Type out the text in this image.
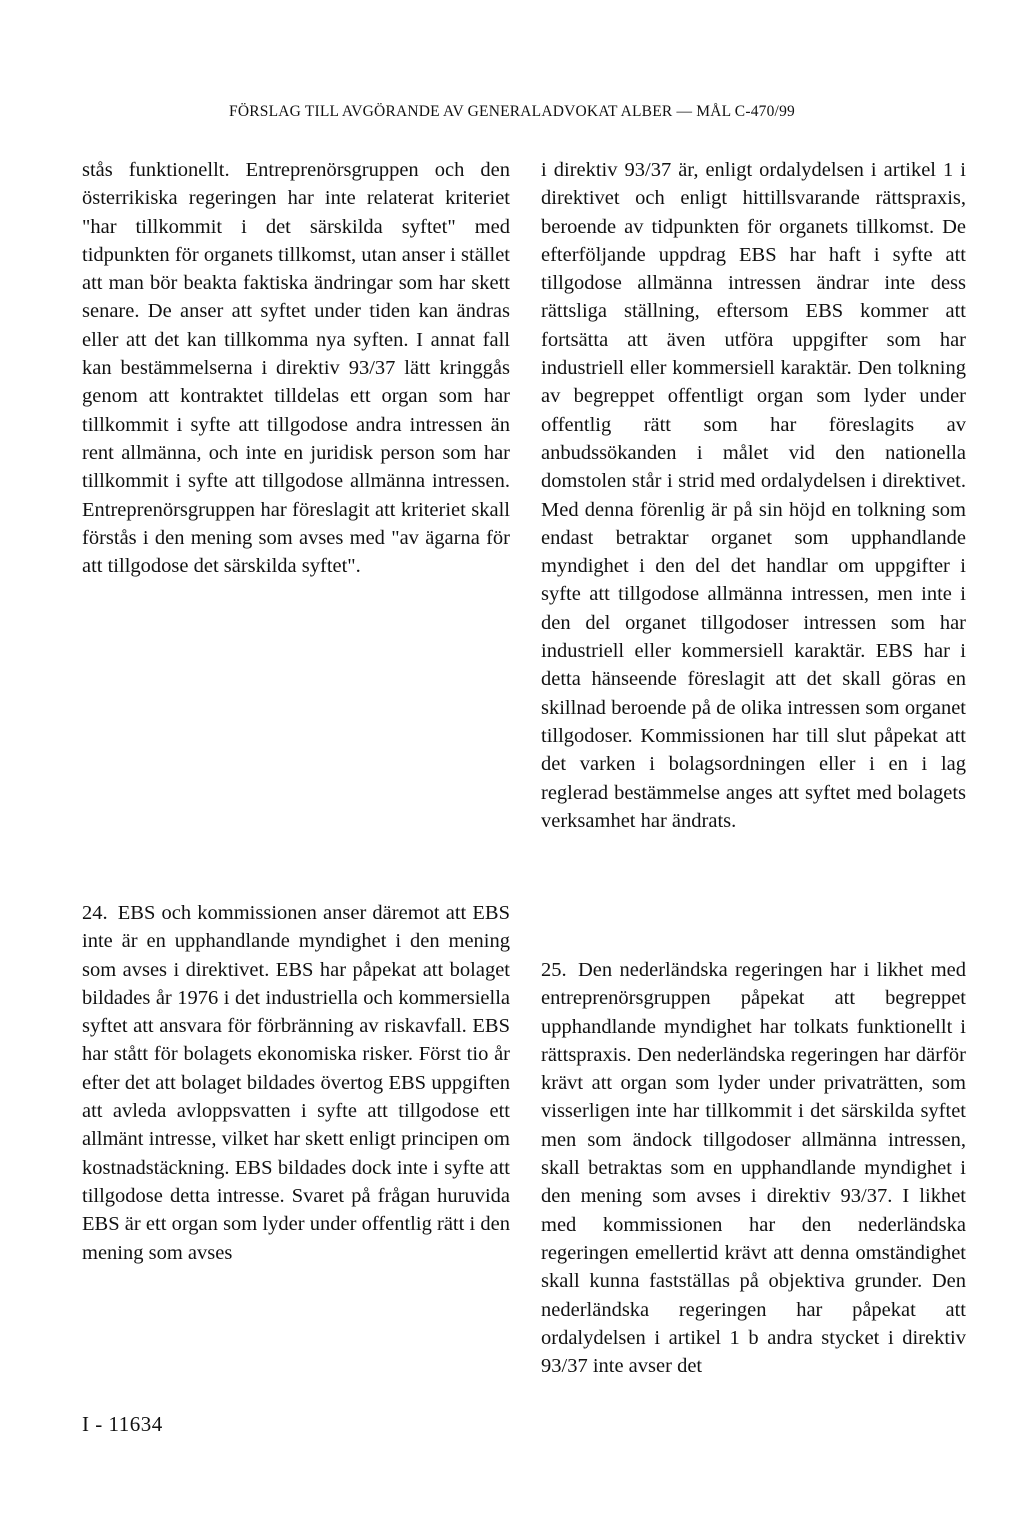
FÖRSLAG TILL AVGÖRANDE AV GENERALADVOKAT ALBER — MÅL C-470/99

stås funktionellt. Entreprenörsgruppen och den österrikiska regeringen har inte relaterat kriteriet "har tillkommit i det särskilda syftet" med tidpunkten för organets tillkomst, utan anser i stället att man bör beakta faktiska ändringar som har skett senare. De anser att syftet under tiden kan ändras eller att det kan tillkomma nya syften. I annat fall kan bestämmelserna i direktiv 93/37 lätt kringgås genom att kontraktet tilldelas ett organ som har tillkommit i syfte att tillgodose andra intressen än rent allmänna, och inte en juridisk person som har tillkommit i syfte att tillgodose allmänna intressen. Entreprenörsgruppen har föreslagit att kriteriet skall förstås i den mening som avses med "av ägarna för att tillgodose det särskilda syftet".

i direktiv 93/37 är, enligt ordalydelsen i artikel 1 i direktivet och enligt hittillsvarande rättspraxis, beroende av tidpunkten för organets tillkomst. De efterföljande uppdrag EBS har haft i syfte att tillgodose allmänna intressen ändrar inte dess rättsliga ställning, eftersom EBS kommer att fortsätta att även utföra uppgifter som har industriell eller kommersiell karaktär. Den tolkning av begreppet offentligt organ som lyder under offentlig rätt som har föreslagits av anbudssökanden i målet vid den nationella domstolen står i strid med ordalydelsen i direktivet. Med denna förenlig är på sin höjd en tolkning som endast betraktar organet som upphandlande myndighet i den del det handlar om uppgifter i syfte att tillgodose allmänna intressen, men inte i den del organet tillgodoser intressen som har industriell eller kommersiell karaktär. EBS har i detta hänseende föreslagit att det skall göras en skillnad beroende på de olika intressen som organet tillgodoser. Kommissionen har till slut påpekat att det varken i bolagsordningen eller i en i lag reglerad bestämmelse anges att syftet med bolagets verksamhet har ändrats.

24. EBS och kommissionen anser däremot att EBS inte är en upphandlande myndighet i den mening som avses i direktivet. EBS har påpekat att bolaget bildades år 1976 i det industriella och kommersiella syftet att ansvara för förbränning av riskavfall. EBS har stått för bolagets ekonomiska risker. Först tio år efter det att bolaget bildades övertog EBS uppgiften att avleda avloppsvatten i syfte att tillgodose ett allmänt intresse, vilket har skett enligt principen om kostnadstäckning. EBS bildades dock inte i syfte att tillgodose detta intresse. Svaret på frågan huruvida EBS är ett organ som lyder under offentlig rätt i den mening som avses

25. Den nederländska regeringen har i likhet med entreprenörsgruppen påpekat att begreppet upphandlande myndighet har tolkats funktionellt i rättspraxis. Den nederländska regeringen har därför krävt att organ som lyder under privaträtten, som visserligen inte har tillkommit i det särskilda syftet men som ändock tillgodoser allmänna intressen, skall betraktas som en upphandlande myndighet i den mening som avses i direktiv 93/37. I likhet med kommissionen har den nederländska regeringen emellertid krävt att denna omständighet skall kunna fastställas på objektiva grunder. Den nederländska regeringen har påpekat att ordalydelsen i artikel 1 b andra stycket i direktiv 93/37 inte avser det

I - 11634
